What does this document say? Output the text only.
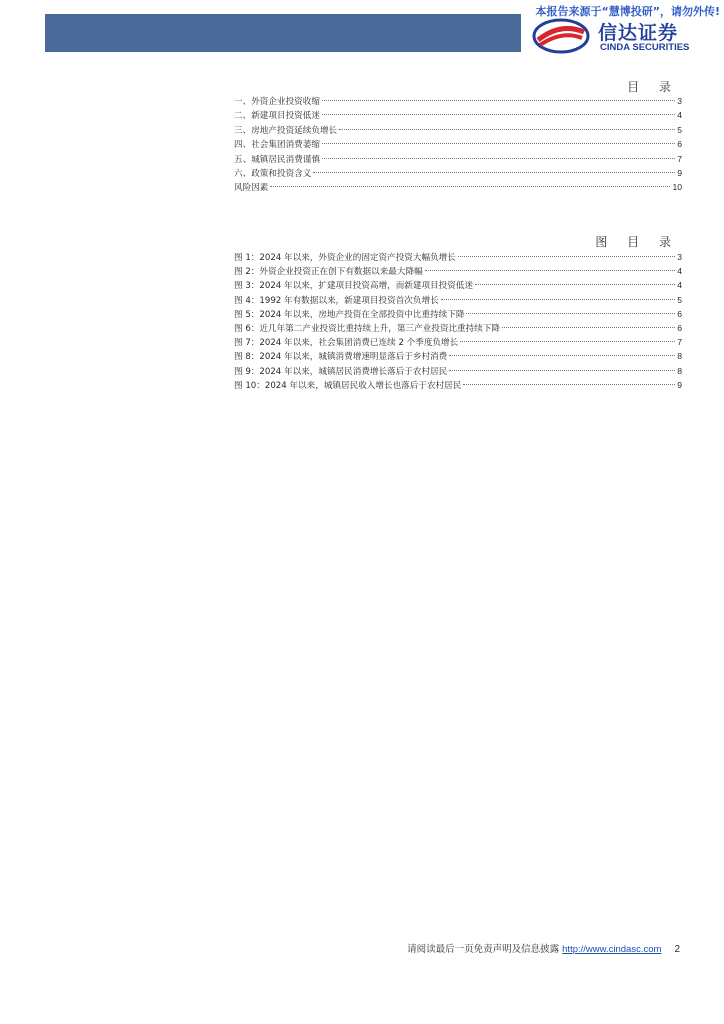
本报告来源于“慧博投研”，请勿外传!
信达证券
CINDA SECURITIES
目 录
一、外资企业投资收缩	3
二、新建项目投资低迷	4
三、房地产投资延续负增长	5
四、社会集团消费萎缩	6
五、城镇居民消费谨慎	7
六、政策和投资含义	9
风险因素	10
图 目 录
图 1：2024 年以来，外资企业的固定资产投资大幅负增长	3
图 2：外资企业投资正在创下有数据以来最大降幅	4
图 3：2024 年以来，扩建项目投资高增，而新建项目投资低迷	4
图 4：1992 年有数据以来，新建项目投资首次负增长	5
图 5：2024 年以来，房地产投资在全部投资中比重持续下降	6
图 6：近几年第二产业投资比重持续上升，第三产业投资比重持续下降	6
图 7：2024 年以来，社会集团消费已连续 2 个季度负增长	7
图 8：2024 年以来，城镇消费增速明显落后于乡村消费	8
图 9：2024 年以来，城镇居民消费增长落后于农村居民	8
图 10：2024 年以来，城镇居民收入增长也落后于农村居民	9
请阅读最后一页免责声明及信息披露 http://www.cindasc.com 2
